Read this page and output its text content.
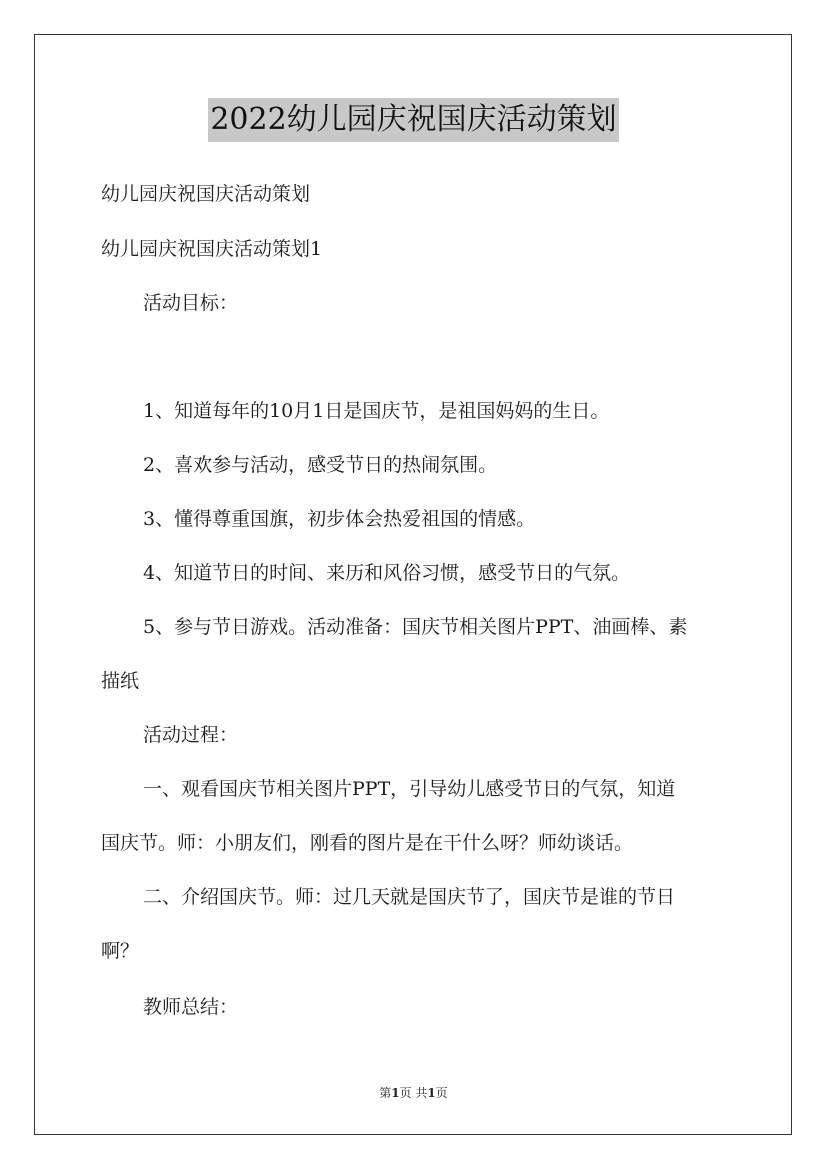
2022幼儿园庆祝国庆活动策划
幼儿园庆祝国庆活动策划
幼儿园庆祝国庆活动策划1
活动目标：
1、知道每年的10月1日是国庆节，是祖国妈妈的生日。
2、喜欢参与活动，感受节日的热闹氛围。
3、懂得尊重国旗，初步体会热爱祖国的情感。
4、知道节日的时间、来历和风俗习惯，感受节日的气氛。
5、参与节日游戏。活动准备：国庆节相关图片PPT、油画棒、素
描纸
活动过程：
一、观看国庆节相关图片PPT，引导幼儿感受节日的气氛，知道
国庆节。师：小朋友们，刚看的图片是在干什么呀？师幼谈话。
二、介绍国庆节。师：过几天就是国庆节了，国庆节是谁的节日
啊？
教师总结：
第1页 共1页
